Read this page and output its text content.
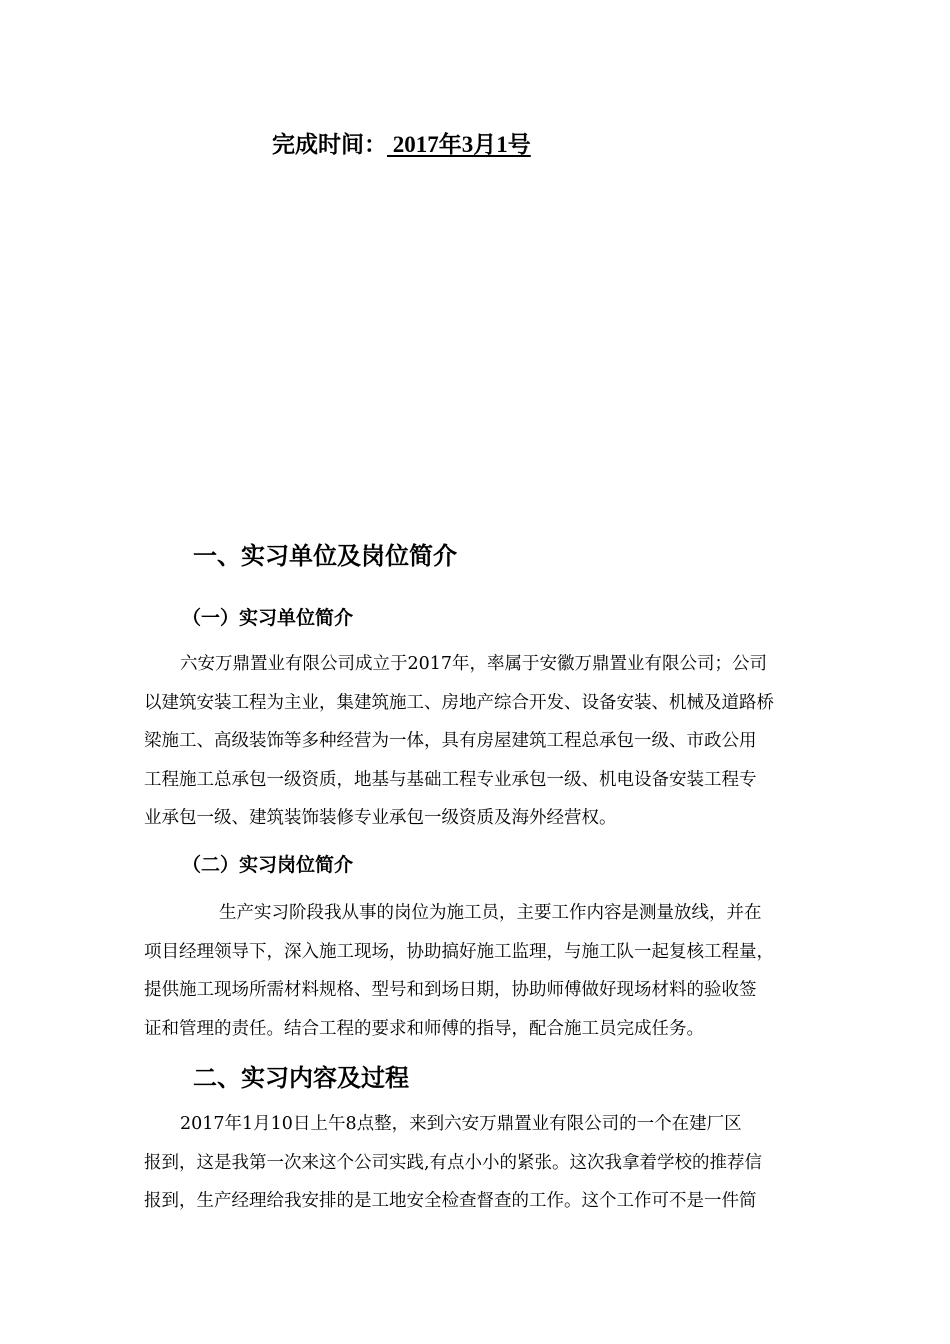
完成时间： 2017年3月1号
一、实习单位及岗位简介
（一）实习单位简介
六安万鼎置业有限公司成立于2017年，率属于安徽万鼎置业有限公司；公司
以建筑安装工程为主业，集建筑施工、房地产综合开发、设备安装、机械及道路桥
梁施工、高级装饰等多种经营为一体，具有房屋建筑工程总承包一级、市政公用
工程施工总承包一级资质，地基与基础工程专业承包一级、机电设备安装工程专
业承包一级、建筑装饰装修专业承包一级资质及海外经营权。
（二）实习岗位简介
生产实习阶段我从事的岗位为施工员，主要工作内容是测量放线，并在
项目经理领导下，深入施工现场，协助搞好施工监理，与施工队一起复核工程量，
提供施工现场所需材料规格、型号和到场日期，协助师傅做好现场材料的验收签
证和管理的责任。结合工程的要求和师傅的指导，配合施工员完成任务。
二、实习内容及过程
2017年1月10日上午8点整，来到六安万鼎置业有限公司的一个在建厂区
报到，这是我第一次来这个公司实践,有点小小的紧张。这次我拿着学校的推荐信
报到，生产经理给我安排的是工地安全检查督查的工作。这个工作可不是一件简
